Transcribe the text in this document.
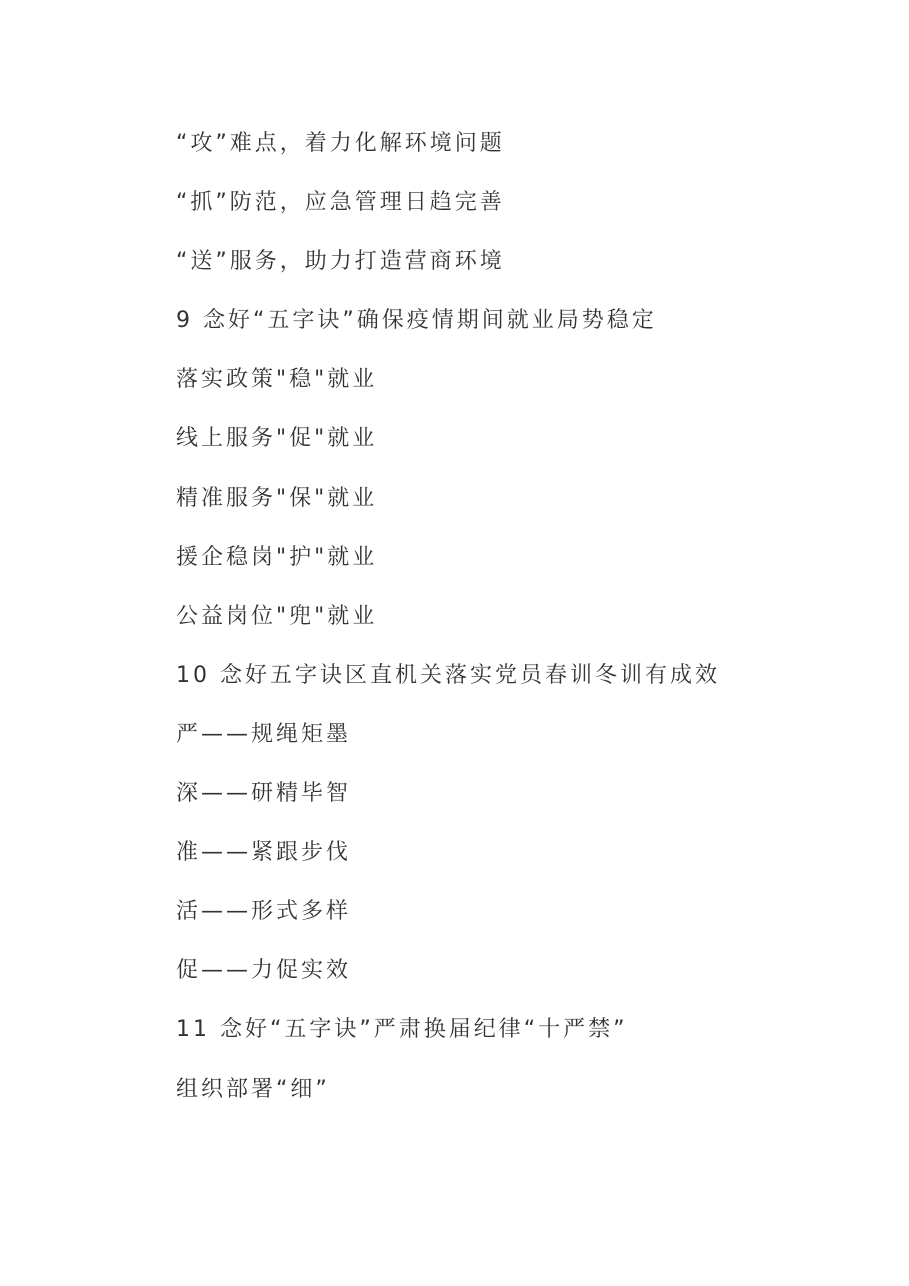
“攻”难点，着力化解环境问题
“抓”防范，应急管理日趋完善
“送”服务，助力打造营商环境
9 念好“五字诀”确保疫情期间就业局势稳定
落实政策"稳"就业
线上服务"促"就业
精准服务"保"就业
援企稳岗"护"就业
公益岗位"兜"就业
10 念好五字诀区直机关落实党员春训冬训有成效
严——规绳矩墨
深——研精毕智
准——紧跟步伐
活——形式多样
促——力促实效
11 念好“五字诀”严肃换届纪律“十严禁”
组织部署“细”
